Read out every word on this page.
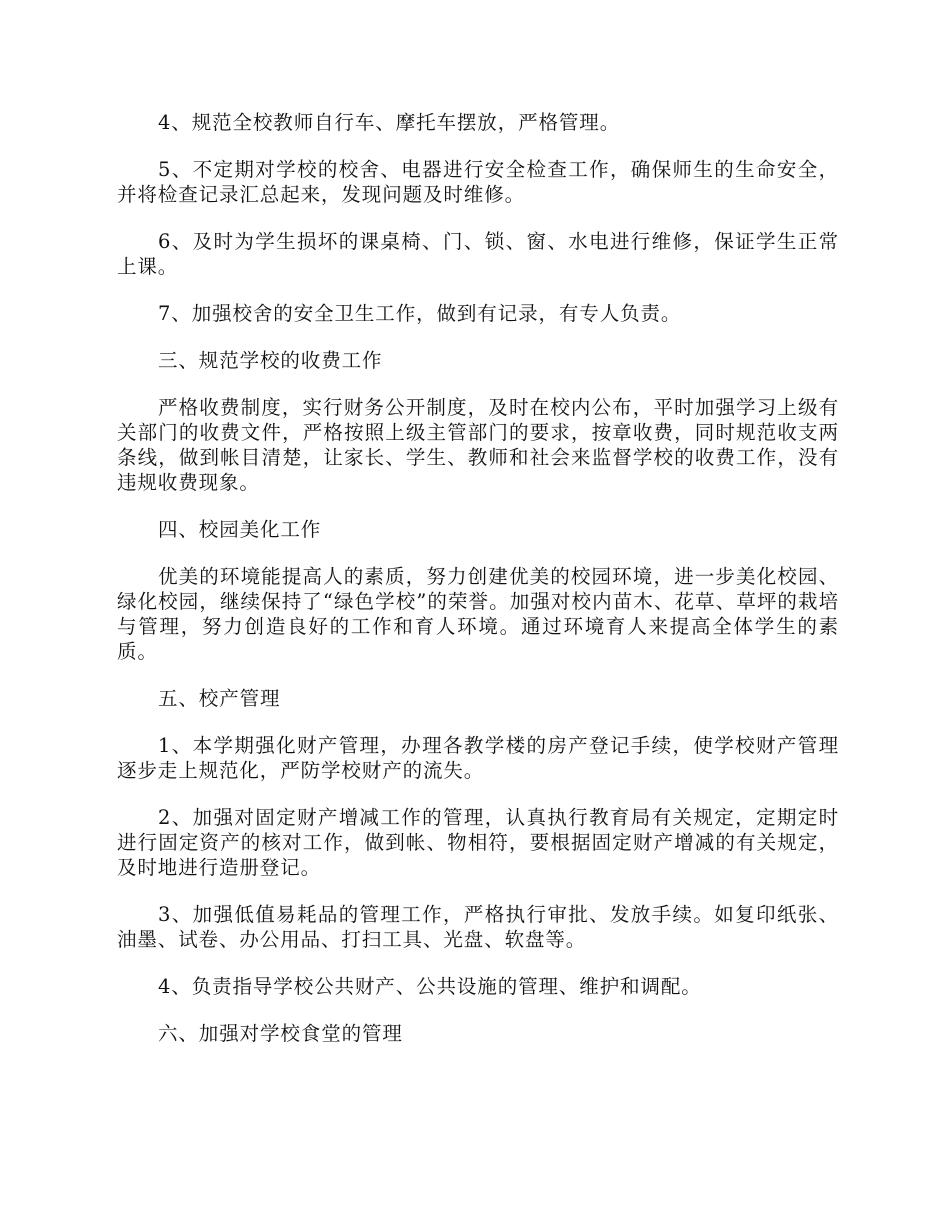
4、规范全校教师自行车、摩托车摆放，严格管理。

5、不定期对学校的校舍、电器进行安全检查工作，确保师生的生命安全，并将检查记录汇总起来，发现问题及时维修。

6、及时为学生损坏的课桌椅、门、锁、窗、水电进行维修，保证学生正常上课。

7、加强校舍的安全卫生工作，做到有记录，有专人负责。

三、规范学校的收费工作

严格收费制度，实行财务公开制度，及时在校内公布，平时加强学习上级有关部门的收费文件，严格按照上级主管部门的要求，按章收费，同时规范收支两条线，做到帐目清楚，让家长、学生、教师和社会来监督学校的收费工作，没有违规收费现象。

四、校园美化工作

优美的环境能提高人的素质，努力创建优美的校园环境，进一步美化校园、绿化校园，继续保持了“绿色学校”的荣誉。加强对校内苗木、花草、草坪的栽培与管理，努力创造良好的工作和育人环境。通过环境育人来提高全体学生的素质。

五、校产管理

1、本学期强化财产管理，办理各教学楼的房产登记手续，使学校财产管理逐步走上规范化，严防学校财产的流失。

2、加强对固定财产增减工作的管理，认真执行教育局有关规定，定期定时进行固定资产的核对工作，做到帐、物相符，要根据固定财产增减的有关规定，及时地进行造册登记。

3、加强低值易耗品的管理工作，严格执行审批、发放手续。如复印纸张、油墨、试卷、办公用品、打扫工具、光盘、软盘等。

4、负责指导学校公共财产、公共设施的管理、维护和调配。

六、加强对学校食堂的管理
